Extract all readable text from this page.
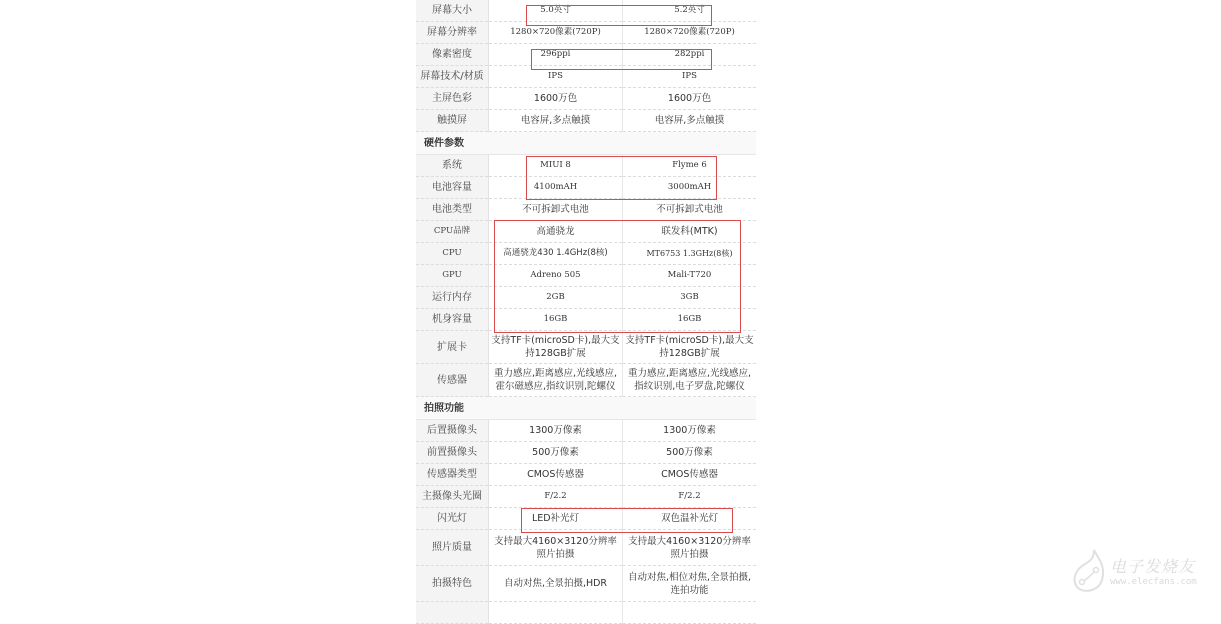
屏幕大小	5.0英寸	5.2英寸
屏幕分辨率	1280×720像素(720P)	1280×720像素(720P)
像素密度	296ppi	282ppi
屏幕技术/材质	IPS	IPS
主屏色彩	1600万色	1600万色
触摸屏	电容屏,多点触摸	电容屏,多点触摸
硬件参数		
系统	MIUI 8	Flyme 6
电池容量	4100mAH	3000mAH
电池类型	不可拆卸式电池	不可拆卸式电池
CPU品牌	高通骁龙	联发科(MTK)
CPU	高通骁龙430 1.4GHz(8核)	MT6753 1.3GHz(8核)
GPU	Adreno 505	Mali-T720
运行内存	2GB	3GB
机身容量	16GB	16GB
扩展卡	支持TF卡(microSD卡),最大支持128GB扩展	支持TF卡(microSD卡),最大支持128GB扩展
传感器	重力感应,距离感应,光线感应,霍尔磁感应,指纹识别,陀螺仪	重力感应,距离感应,光线感应,指纹识别,电子罗盘,陀螺仪
拍照功能		
后置摄像头	1300万像素	1300万像素
前置摄像头	500万像素	500万像素
传感器类型	CMOS传感器	CMOS传感器
主摄像头光圈	F/2.2	F/2.2
闪光灯	LED补光灯	双色温补光灯
照片质量	支持最大4160×3120分辨率照片拍摄	支持最大4160×3120分辨率照片拍摄
拍摄特色	自动对焦,全景拍摄,HDR	自动对焦,相位对焦,全景拍摄,连拍功能

电子发烧友
www.elecfans.com
